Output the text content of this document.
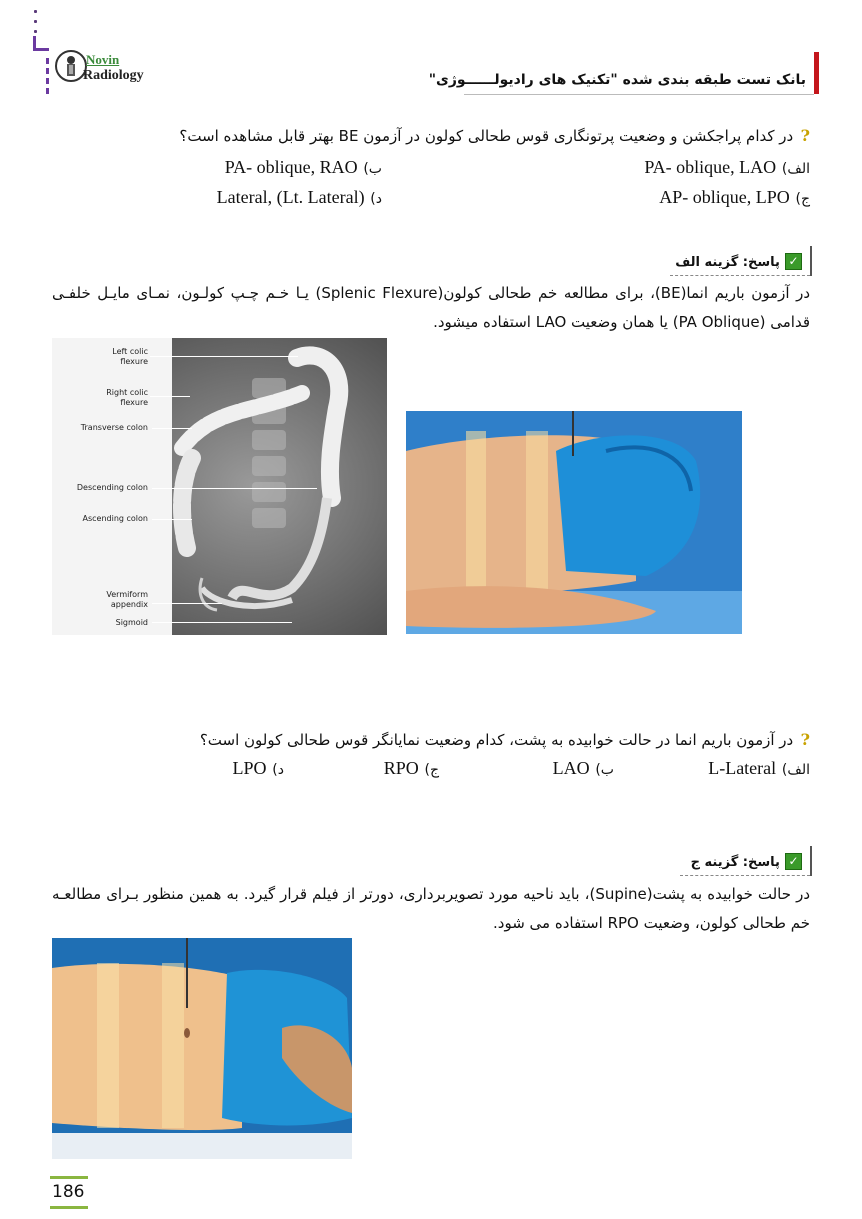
Novin
Radiology	بانک تست طبقه بندی شده "تکنیک های رادیولــــــوژی"
? در کدام پراجکشن و وضعیت پرتونگاری قوس طحالی کولون در آزمون BE بهتر قابل مشاهده است؟
الف) PA- oblique, LAO
ب) PA- oblique, RAO
ج) AP- oblique, LPO
د) Lateral, (Lt. Lateral)
✓ پاسخ: گزینه الف
در آزمون باریم انما(BE)، برای مطالعه خم طحالی کولون(Splenic Flexure) یـا خـم چـپ کولـون، نمـای مایـل خلفـی
قدامی (PA Oblique) یا همان وضعیت LAO استفاده میشود.
Left colic
flexure
Right colic
flexure
Transverse colon
Descending colon
Ascending colon
Vermiform
appendix
Sigmoid
? در آزمون باریم انما در حالت خوابیده به پشت، کدام وضعیت نمایانگر قوس طحالی کولون است؟
الف) L-Lateral
ب) LAO
ج) RPO
د) LPO
✓ پاسخ: گزینه ج
در حالت خوابیده به پشت(Supine)، باید ناحیه مورد تصویربرداری، دورتر از فیلم قرار گیرد. به همین منظور بـرای مطالعـه
خم طحالی کولون، وضعیت RPO استفاده می شود.
186
